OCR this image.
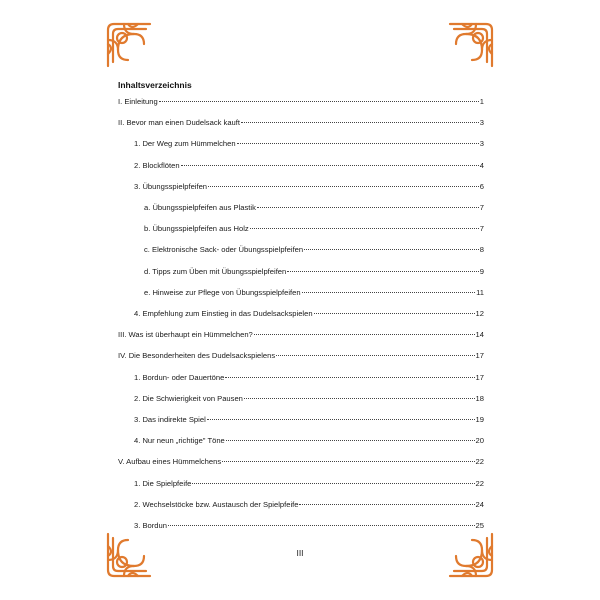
Inhaltsverzeichnis
I. Einleitung	1
II. Bevor man einen Dudelsack kauft	3
1. Der Weg zum Hümmelchen	3
2. Blockflöten	4
3. Übungsspielpfeifen	6
a. Übungsspielpfeifen aus Plastik	7
b. Übungsspielpfeifen aus Holz	7
c. Elektronische Sack- oder Übungsspielpfeifen	8
d. Tipps zum Üben mit Übungsspielpfeifen	9
e. Hinweise zur Pflege von Übungsspielpfeifen	11
4. Empfehlung zum Einstieg in das Dudelsackspielen	12
III. Was ist überhaupt ein Hümmelchen?	14
IV. Die Besonderheiten des Dudelsackspielens	17
1. Bordun- oder Dauertöne	17
2. Die Schwierigkeit von Pausen	18
3. Das indirekte Spiel	19
4. Nur neun „richtige" Töne	20
V. Aufbau eines Hümmelchens	22
1. Die Spielpfeife	22
2. Wechselstöcke bzw. Austausch der Spielpfeife	24
3. Bordun	25
III
